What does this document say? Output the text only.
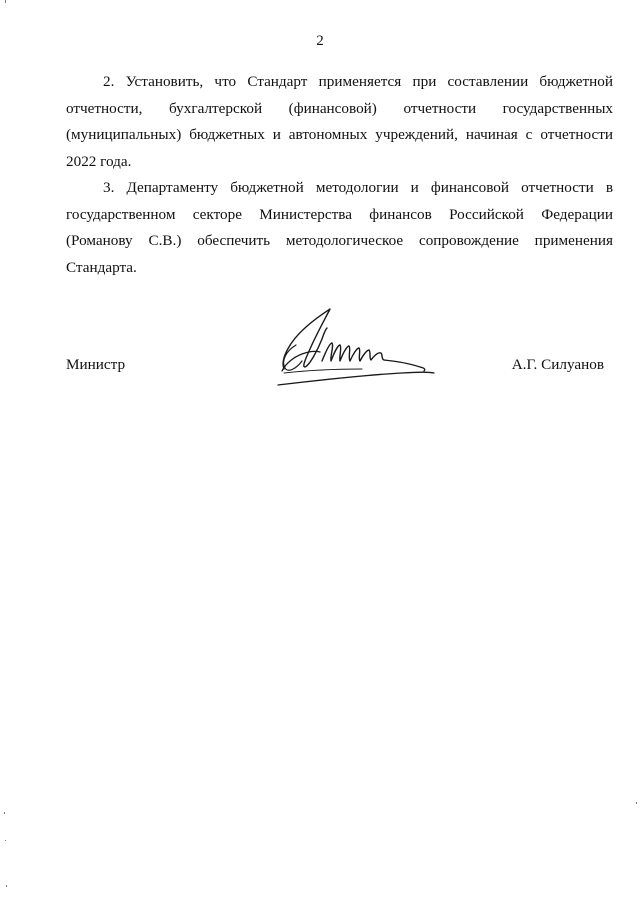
2

2. Установить, что Стандарт применяется при составлении бюджетной отчетности, бухгалтерской (финансовой) отчетности государственных (муниципальных) бюджетных и автономных учреждений, начиная с отчетности 2022 года.

3. Департаменту бюджетной методологии и финансовой отчетности в государственном секторе Министерства финансов Российской Федерации (Романову С.В.) обеспечить методологическое сопровождение применения Стандарта.

Министр	А.Г. Силуанов
